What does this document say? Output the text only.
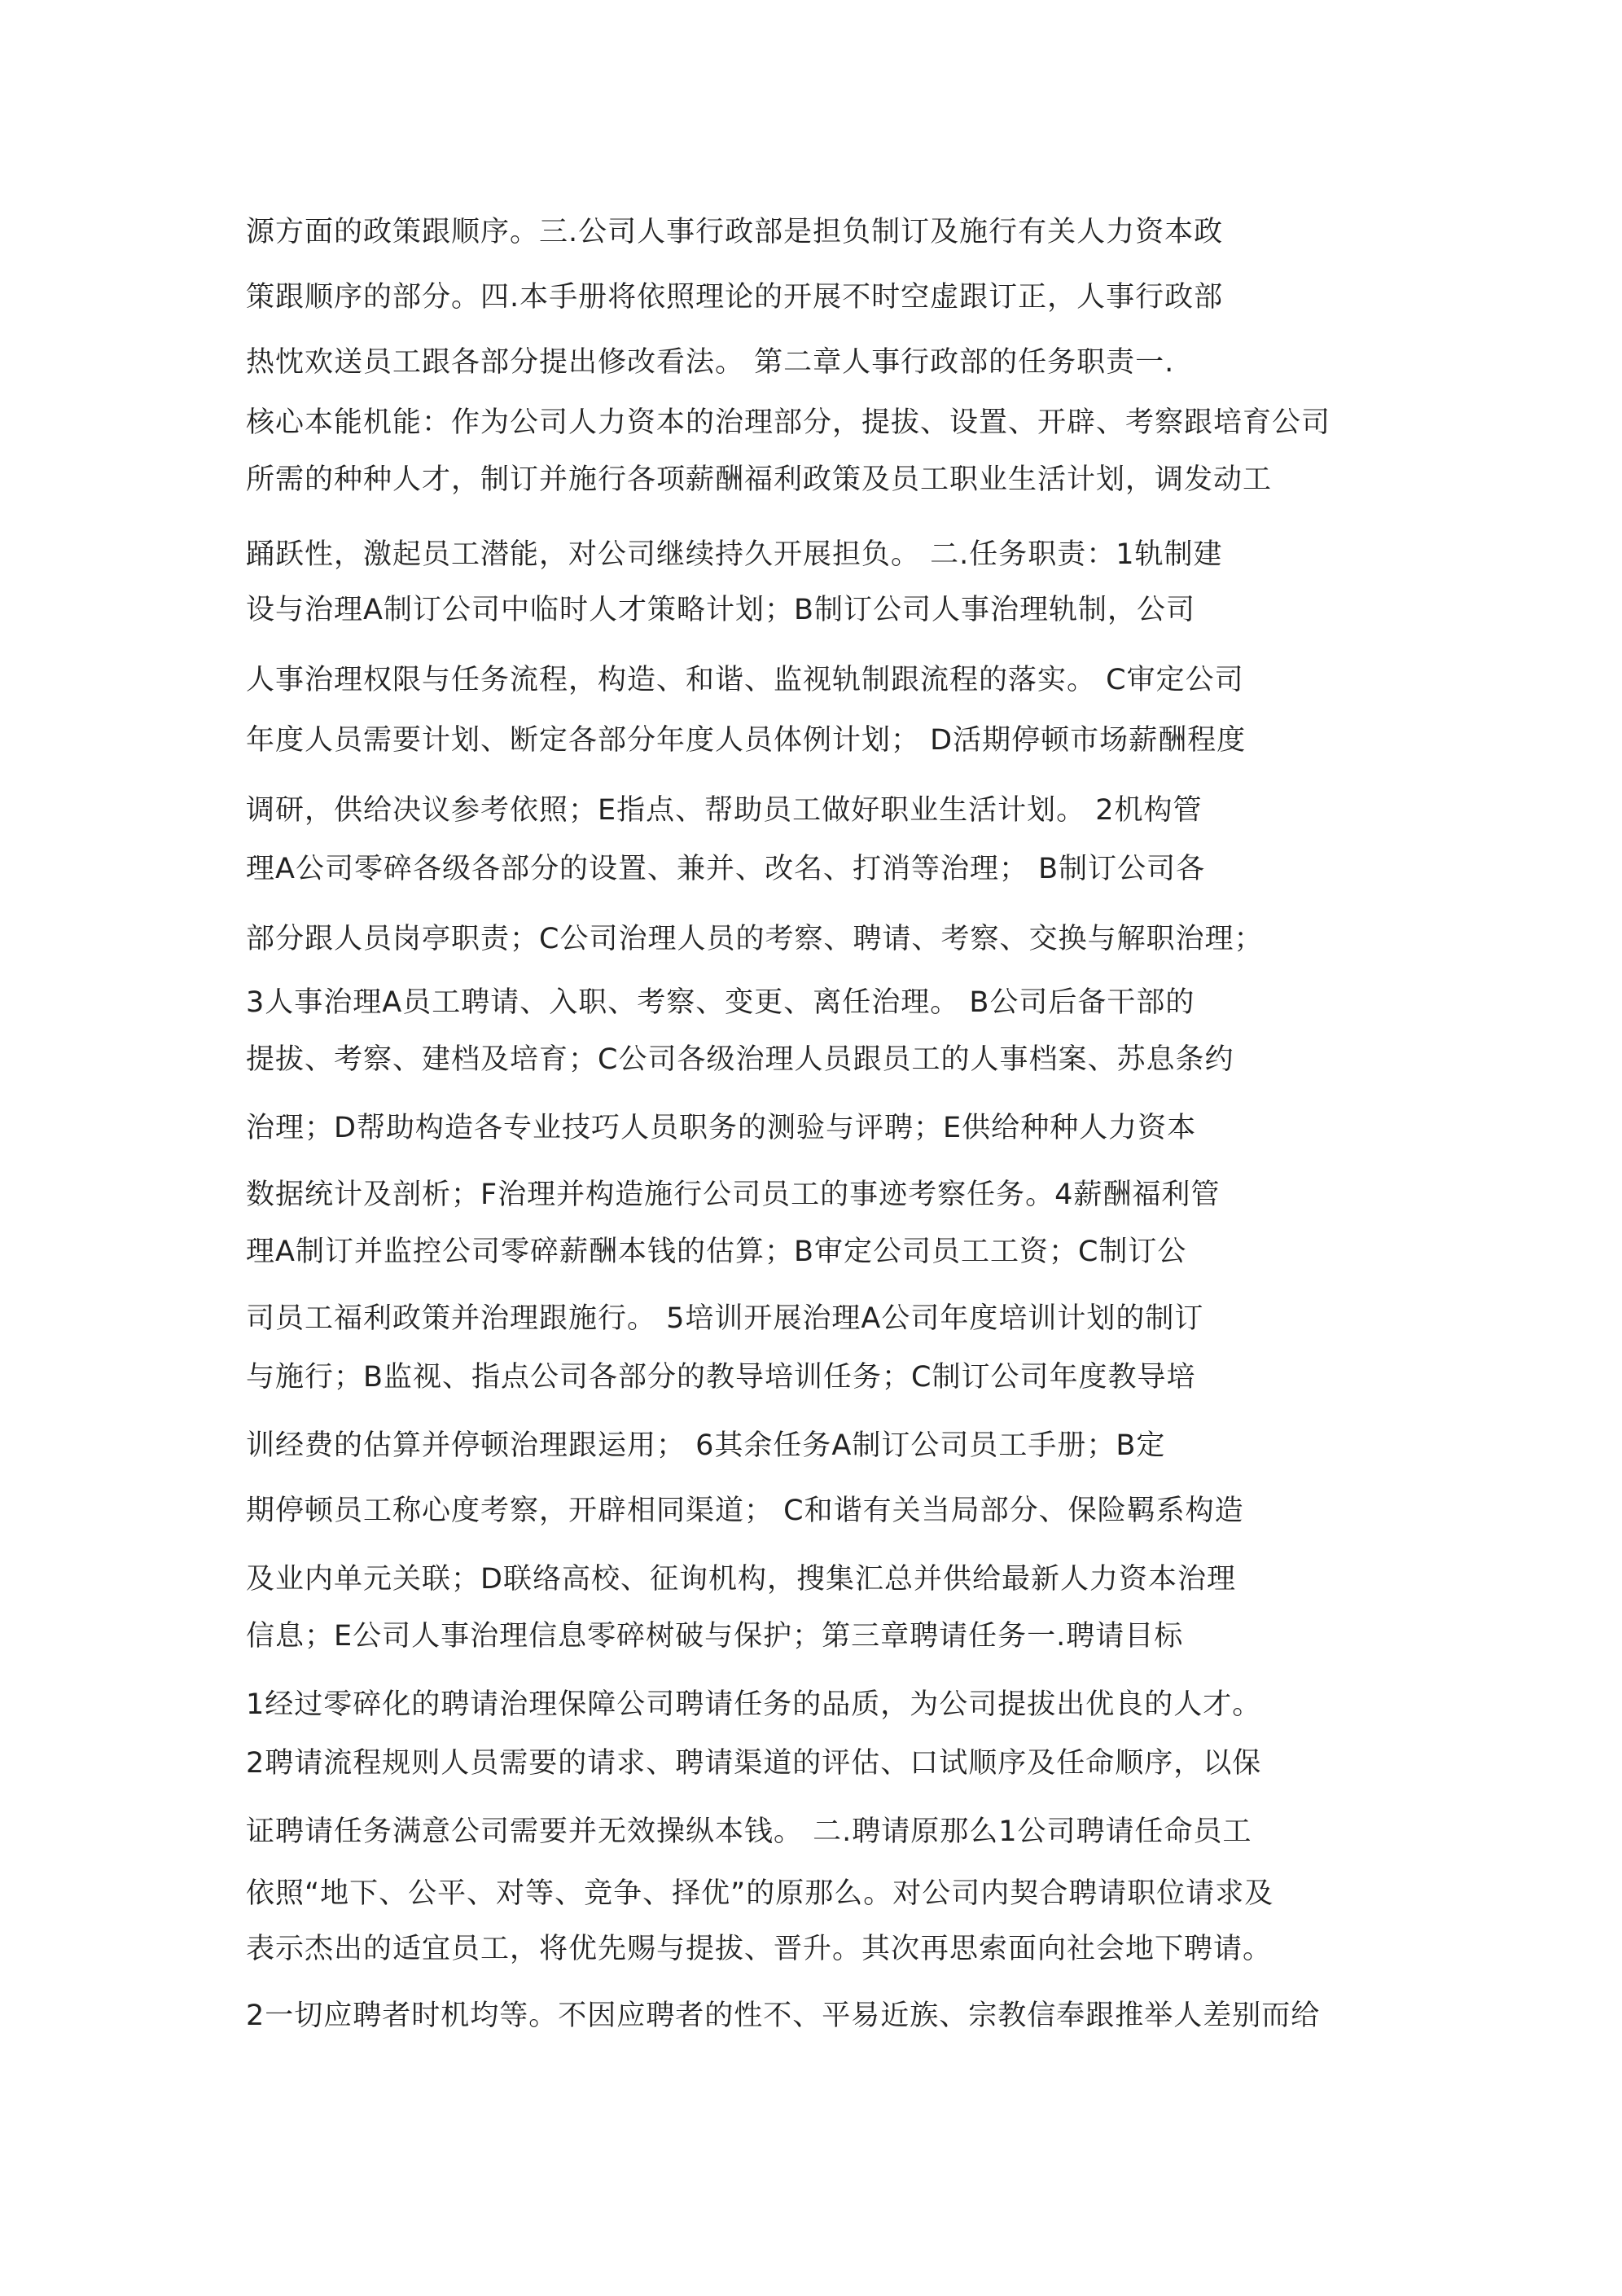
源方面的政策跟顺序。三.公司人事行政部是担负制订及施行有关人力资本政
策跟顺序的部分。四.本手册将依照理论的开展不时空虚跟订正，人事行政部
热忱欢送员工跟各部分提出修改看法。 第二章人事行政部的任务职责一.
核心本能机能：作为公司人力资本的治理部分，提拔、设置、开辟、考察跟培育公司
所需的种种人才，制订并施行各项薪酬福利政策及员工职业生活计划，调发动工
踊跃性，激起员工潜能，对公司继续持久开展担负。 二.任务职责：1轨制建
设与治理A制订公司中临时人才策略计划；B制订公司人事治理轨制，公司
人事治理权限与任务流程，构造、和谐、监视轨制跟流程的落实。 C审定公司
年度人员需要计划、断定各部分年度人员体例计划； D活期停顿市场薪酬程度
调研，供给决议参考依照；E指点、帮助员工做好职业生活计划。 2机构管
理A公司零碎各级各部分的设置、兼并、改名、打消等治理； B制订公司各
部分跟人员岗亭职责；C公司治理人员的考察、聘请、考察、交换与解职治理；
3人事治理A员工聘请、入职、考察、变更、离任治理。 B公司后备干部的
提拔、考察、建档及培育；C公司各级治理人员跟员工的人事档案、苏息条约
治理；D帮助构造各专业技巧人员职务的测验与评聘；E供给种种人力资本
数据统计及剖析；F治理并构造施行公司员工的事迹考察任务。4薪酬福利管
理A制订并监控公司零碎薪酬本钱的估算；B审定公司员工工资；C制订公
司员工福利政策并治理跟施行。 5培训开展治理A公司年度培训计划的制订
与施行；B监视、指点公司各部分的教导培训任务；C制订公司年度教导培
训经费的估算并停顿治理跟运用； 6其余任务A制订公司员工手册；B定
期停顿员工称心度考察，开辟相同渠道； C和谐有关当局部分、保险羁系构造
及业内单元关联；D联络高校、征询机构，搜集汇总并供给最新人力资本治理
信息；E公司人事治理信息零碎树破与保护；第三章聘请任务一.聘请目标
1经过零碎化的聘请治理保障公司聘请任务的品质，为公司提拔出优良的人才。
2聘请流程规则人员需要的请求、聘请渠道的评估、口试顺序及任命顺序，以保
证聘请任务满意公司需要并无效操纵本钱。 二.聘请原那么1公司聘请任命员工
依照“地下、公平、对等、竞争、择优”的原那么。对公司内契合聘请职位请求及
表示杰出的适宜员工，将优先赐与提拔、晋升。其次再思索面向社会地下聘请。
2一切应聘者时机均等。不因应聘者的性不、平易近族、宗教信奉跟推举人差别而给
